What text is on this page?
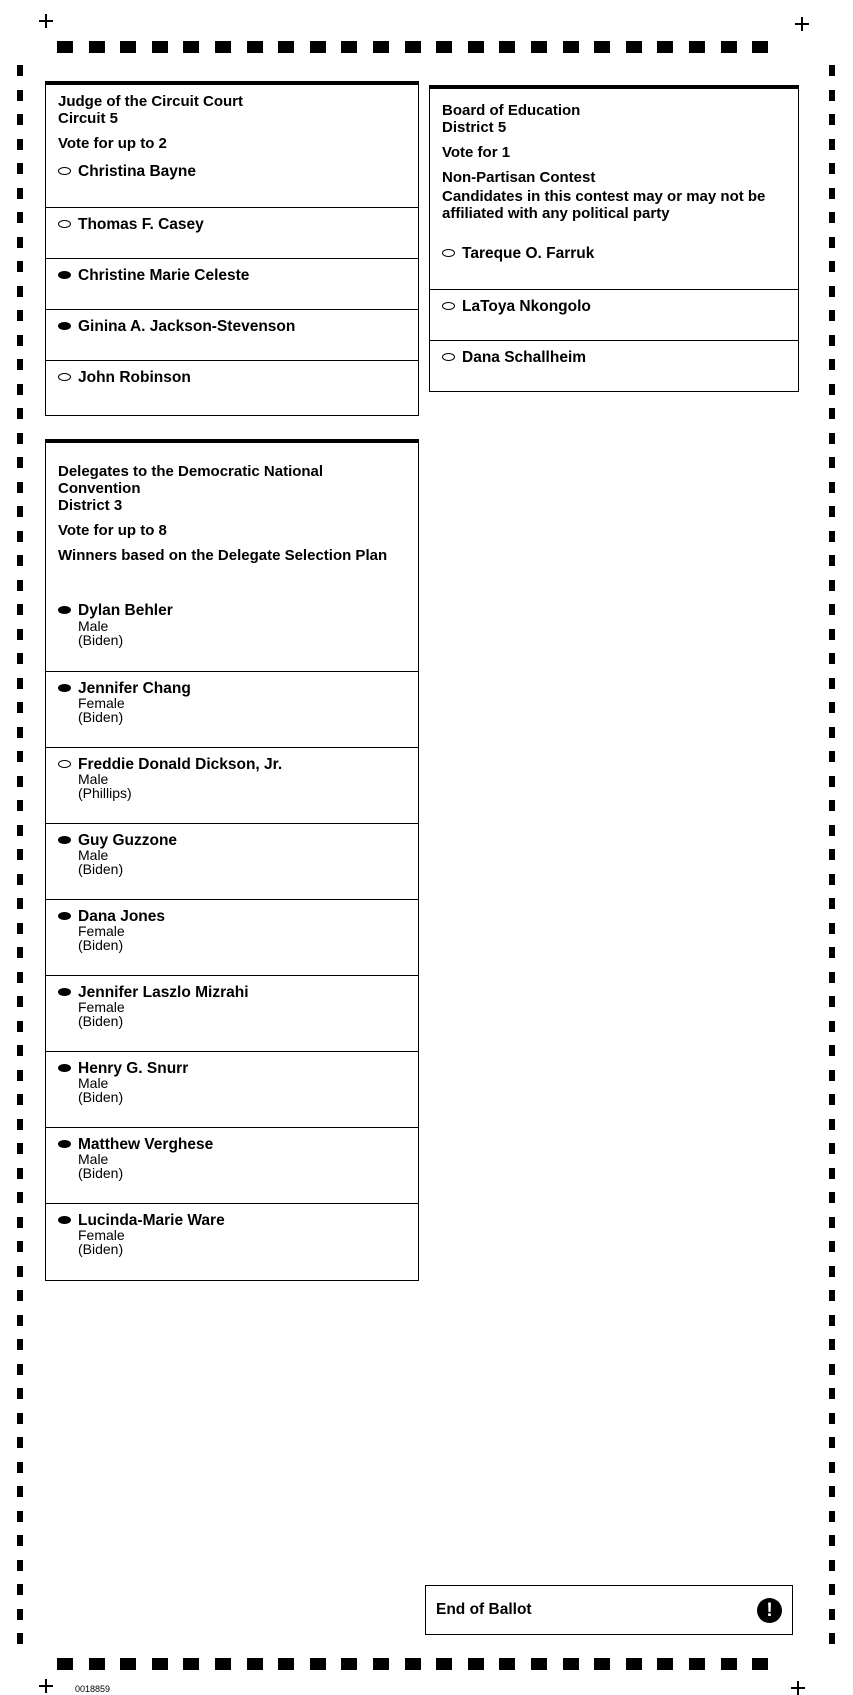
Judge of the Circuit Court
Circuit 5
Vote for up to 2
Christina Bayne
Thomas F. Casey
Christine Marie Celeste
Ginina A. Jackson-Stevenson
John Robinson
Board of Education
District 5
Vote for 1
Non-Partisan Contest
Candidates in this contest may or may not be affiliated with any political party
Tareque O. Farruk
LaToya Nkongolo
Dana Schallheim
Delegates to the Democratic National Convention
District 3
Vote for up to 8
Winners based on the Delegate Selection Plan
Dylan Behler
Male
(Biden)
Jennifer Chang
Female
(Biden)
Freddie Donald Dickson, Jr.
Male
(Phillips)
Guy Guzzone
Male
(Biden)
Dana Jones
Female
(Biden)
Jennifer Laszlo Mizrahi
Female
(Biden)
Henry G. Snurr
Male
(Biden)
Matthew Verghese
Male
(Biden)
Lucinda-Marie Ware
Female
(Biden)
End of Ballot	!
0018859
